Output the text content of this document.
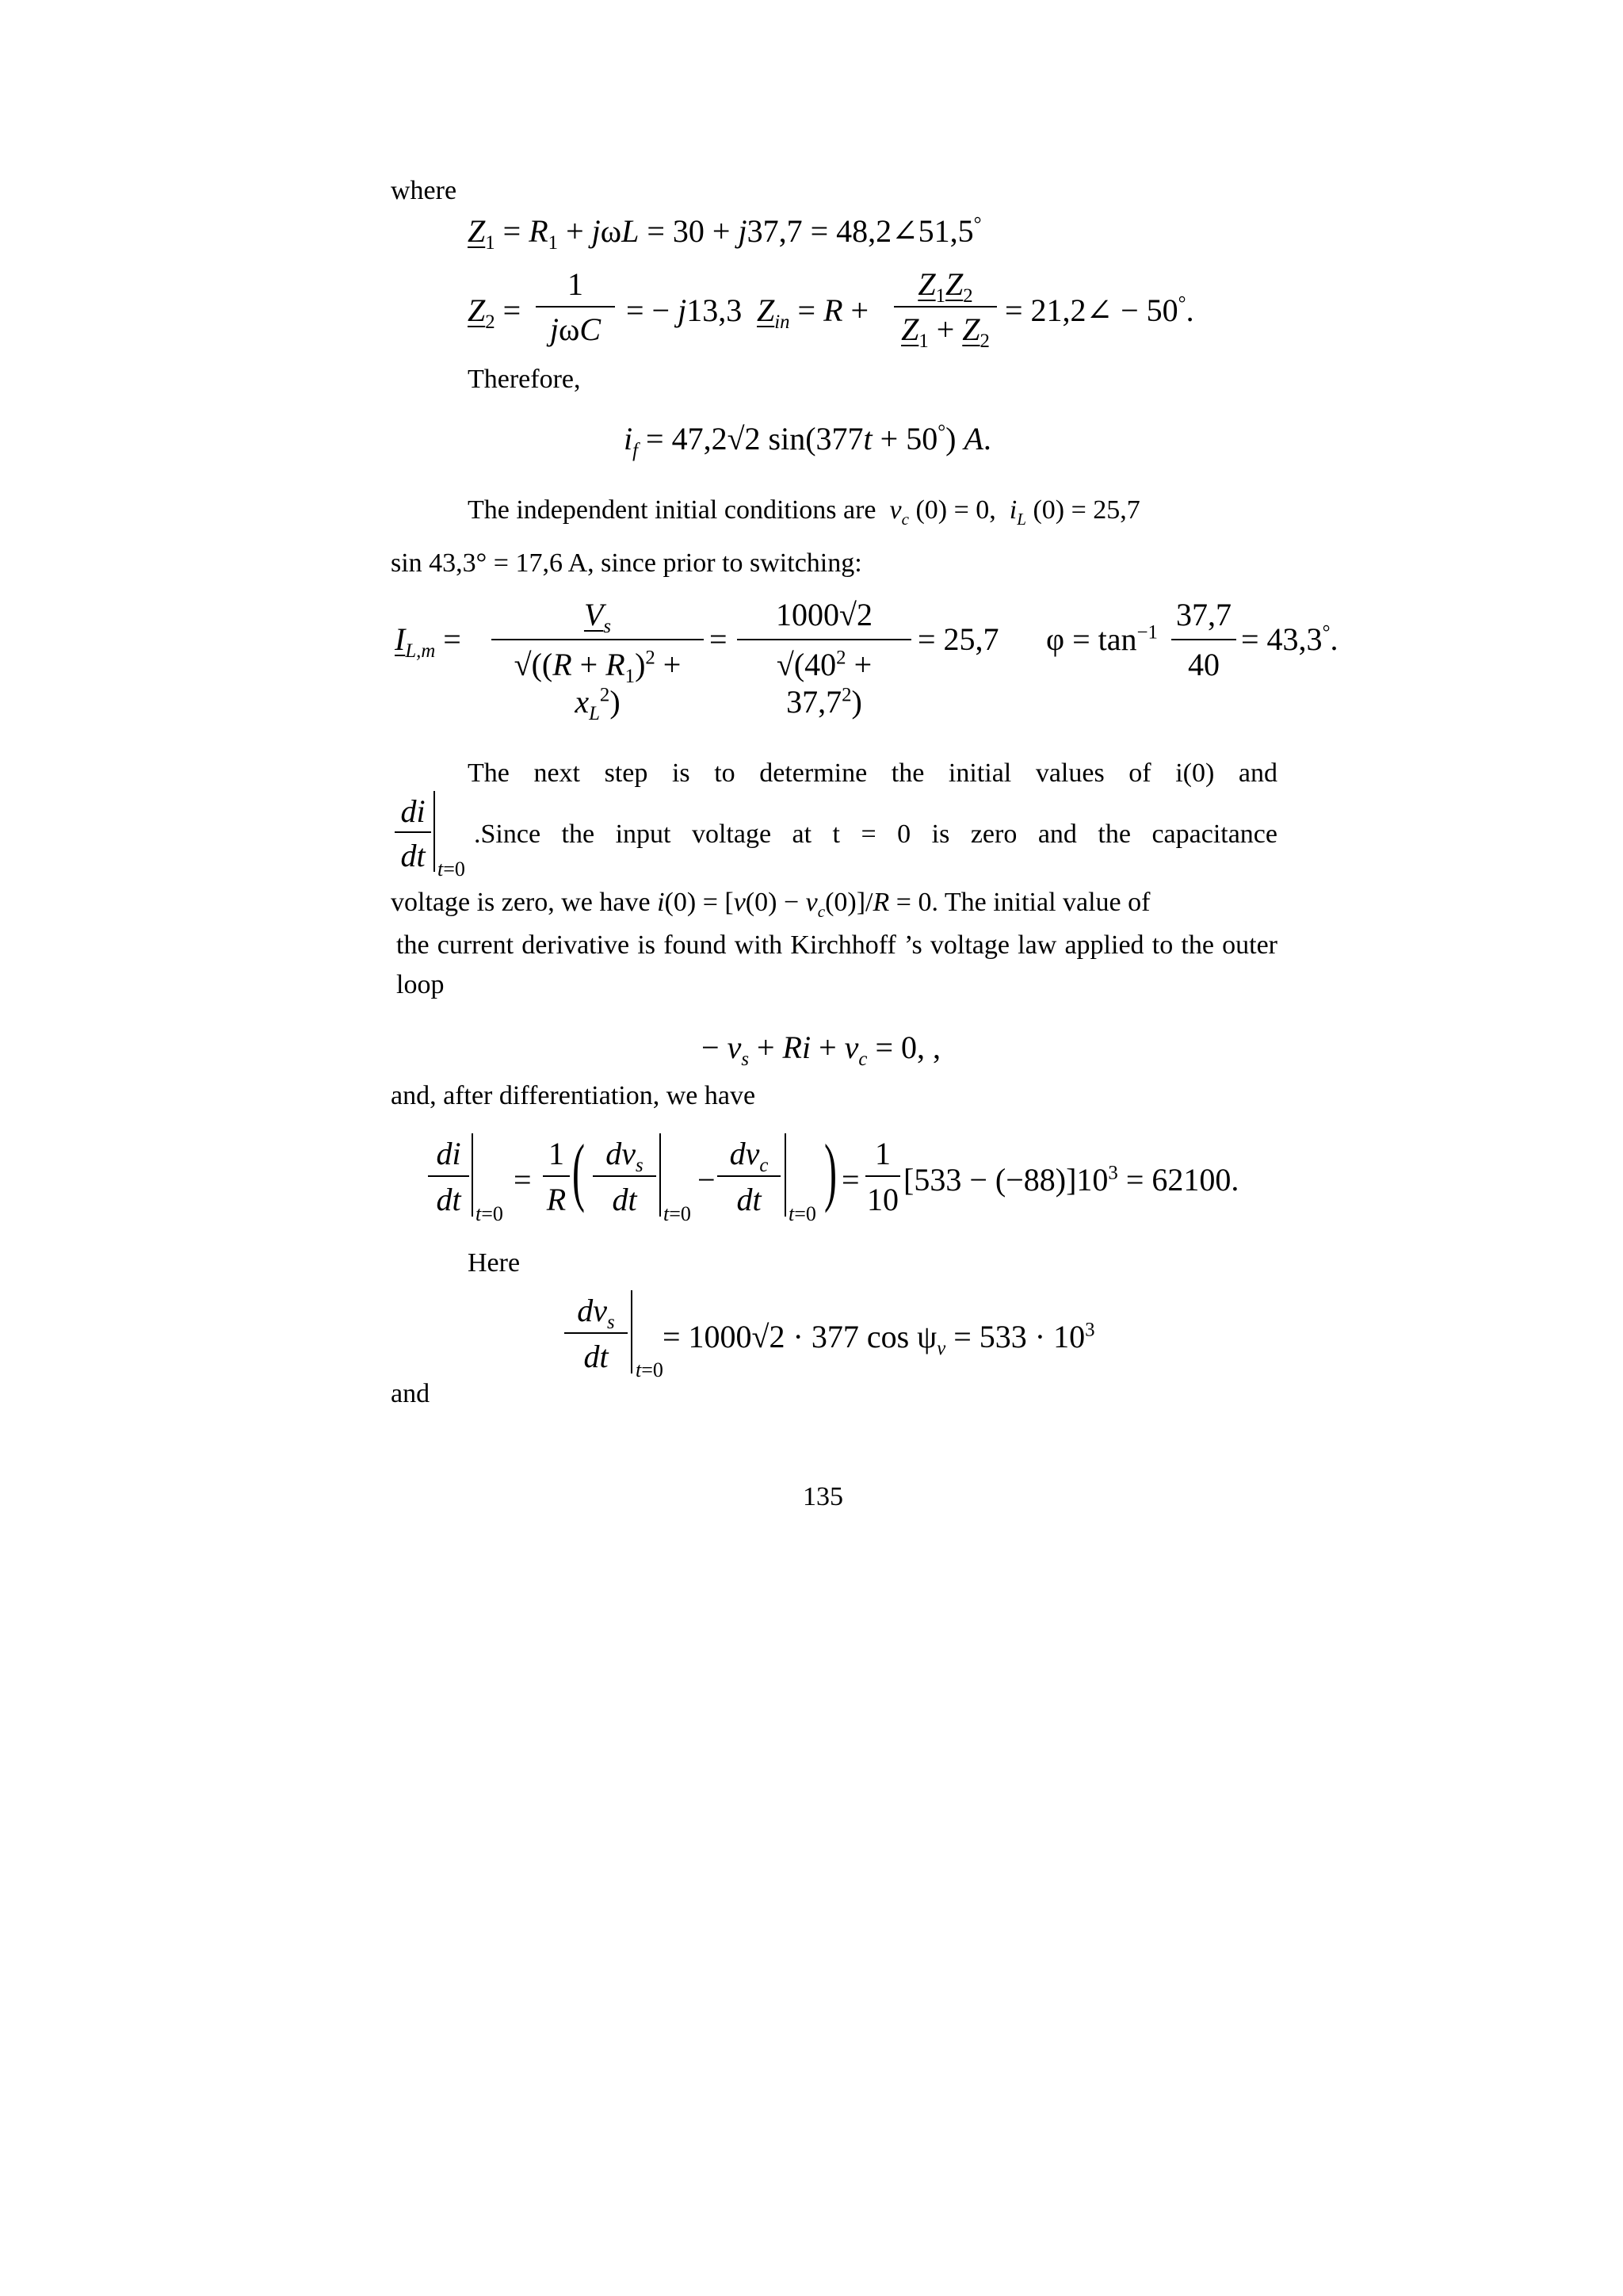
where
$Z_1 = R_1 + j\omega L = 30 + j37,7$ = 48,2∠51,5°
$Z_2$ =
1
jωC
= − j13,3 $Z_{in} = R$ +
$Z_1Z_2$
$Z_1 + Z_2$
= 21,2∠ − 50°.
Therefore,
$i_f = 47,2√2$ sin(377t + 50°) A.
The independent initial conditions are $v_c$ (0) = 0,  $i_L$ (0) = 25,7
sin 43,3° = 17,6 A, since prior to switching:
$I_{L,m}$ =
$V_s$
$√((R + R_1)^2 + x_L^2)$
=
1000√2
$√(40^2 + 37,7^2)$
= 25,7 $\varphi = \tan^{-1}$
37,7
40
= 43,3°.
The next step is to determine the initial values of i(0) and
di
dt t=0
.Since the input voltage at t = 0 is zero and the capacitance
voltage is zero, we have $i(0) = [v(0) - v_c(0)]/R = 0$. The initial value of

the current derivative is found with Kirchhoff ’s voltage law applied to the outer loop

− $v_s + Ri + v_c = 0$, ,
and, after differentiation, we have
di
dt t=0
=
1
R ( $dv_s$
dt	t=0
−
$dv_c$
dt	t=0
) =
1
10
$[533 - (-88)]10^3 = 62100$.
Here
$dv_s$
dt	t=0
= 1000√2 · 377 $\cos \psi_v = 533 \cdot 10^3$
and
135
